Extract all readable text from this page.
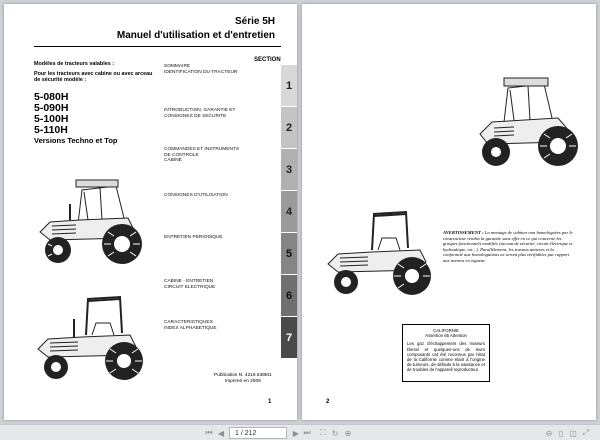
Série 5H
Manuel d'utilisation et d'entretien
SECTION
Modèles de tracteurs valables :
Pour les tracteurs avec cabine ou avec arceau de sécurité modèle :
5-080H
5-090H
5-100H
5-110H
Versions Techno et Top
SOMMAIRE
IDENTIFICATION DU TRACTEUR
INTRODUCTION, GARANTIE ET
CONSIGNES DE SECURITE
COMMANDES ET INSTRUMENTS
DE CONTROLE
CABINE
CONSIGNES D'UTILISATION
ENTRETIEN PERIODIQUE
CABINE - ENTRETIEN
CIRCUIT ELECTRIQUE
CARACTERISTIQUES
INDEX ALPHABETIQUE
1
2
3
4
5
6
7
Publication N. 4218 538M1
Imprimé en 2009
1
AVERTISSEMENT : La montage de cabines non homologuées par le constructeur rendra la garantie sans effet en ce qui concerne les groupes fonctionnels modifiés (arceau de sécurité, circuit électrique et hydraulique, etc...). Parallèlement, les travaux annexes et la conformité aux homologations ne seront plus vérifiables par rapport aux normes en vigueur.
CALIFORNIE
Assertion 65 Attention
Les gaz d'échappement des moteurs Diesel et quelques-uns de leurs composants ont été reconnus par l'état de la Californie comme étant à l'origine de tumeurs, de défauts à la naissance et de troubles de l'appareil reproducteur.
2
⏮ ◀ 1 / 212	▶ ⏭ ⛶ ↻ ⊕	⊖ ▯ ◫ ⤢
